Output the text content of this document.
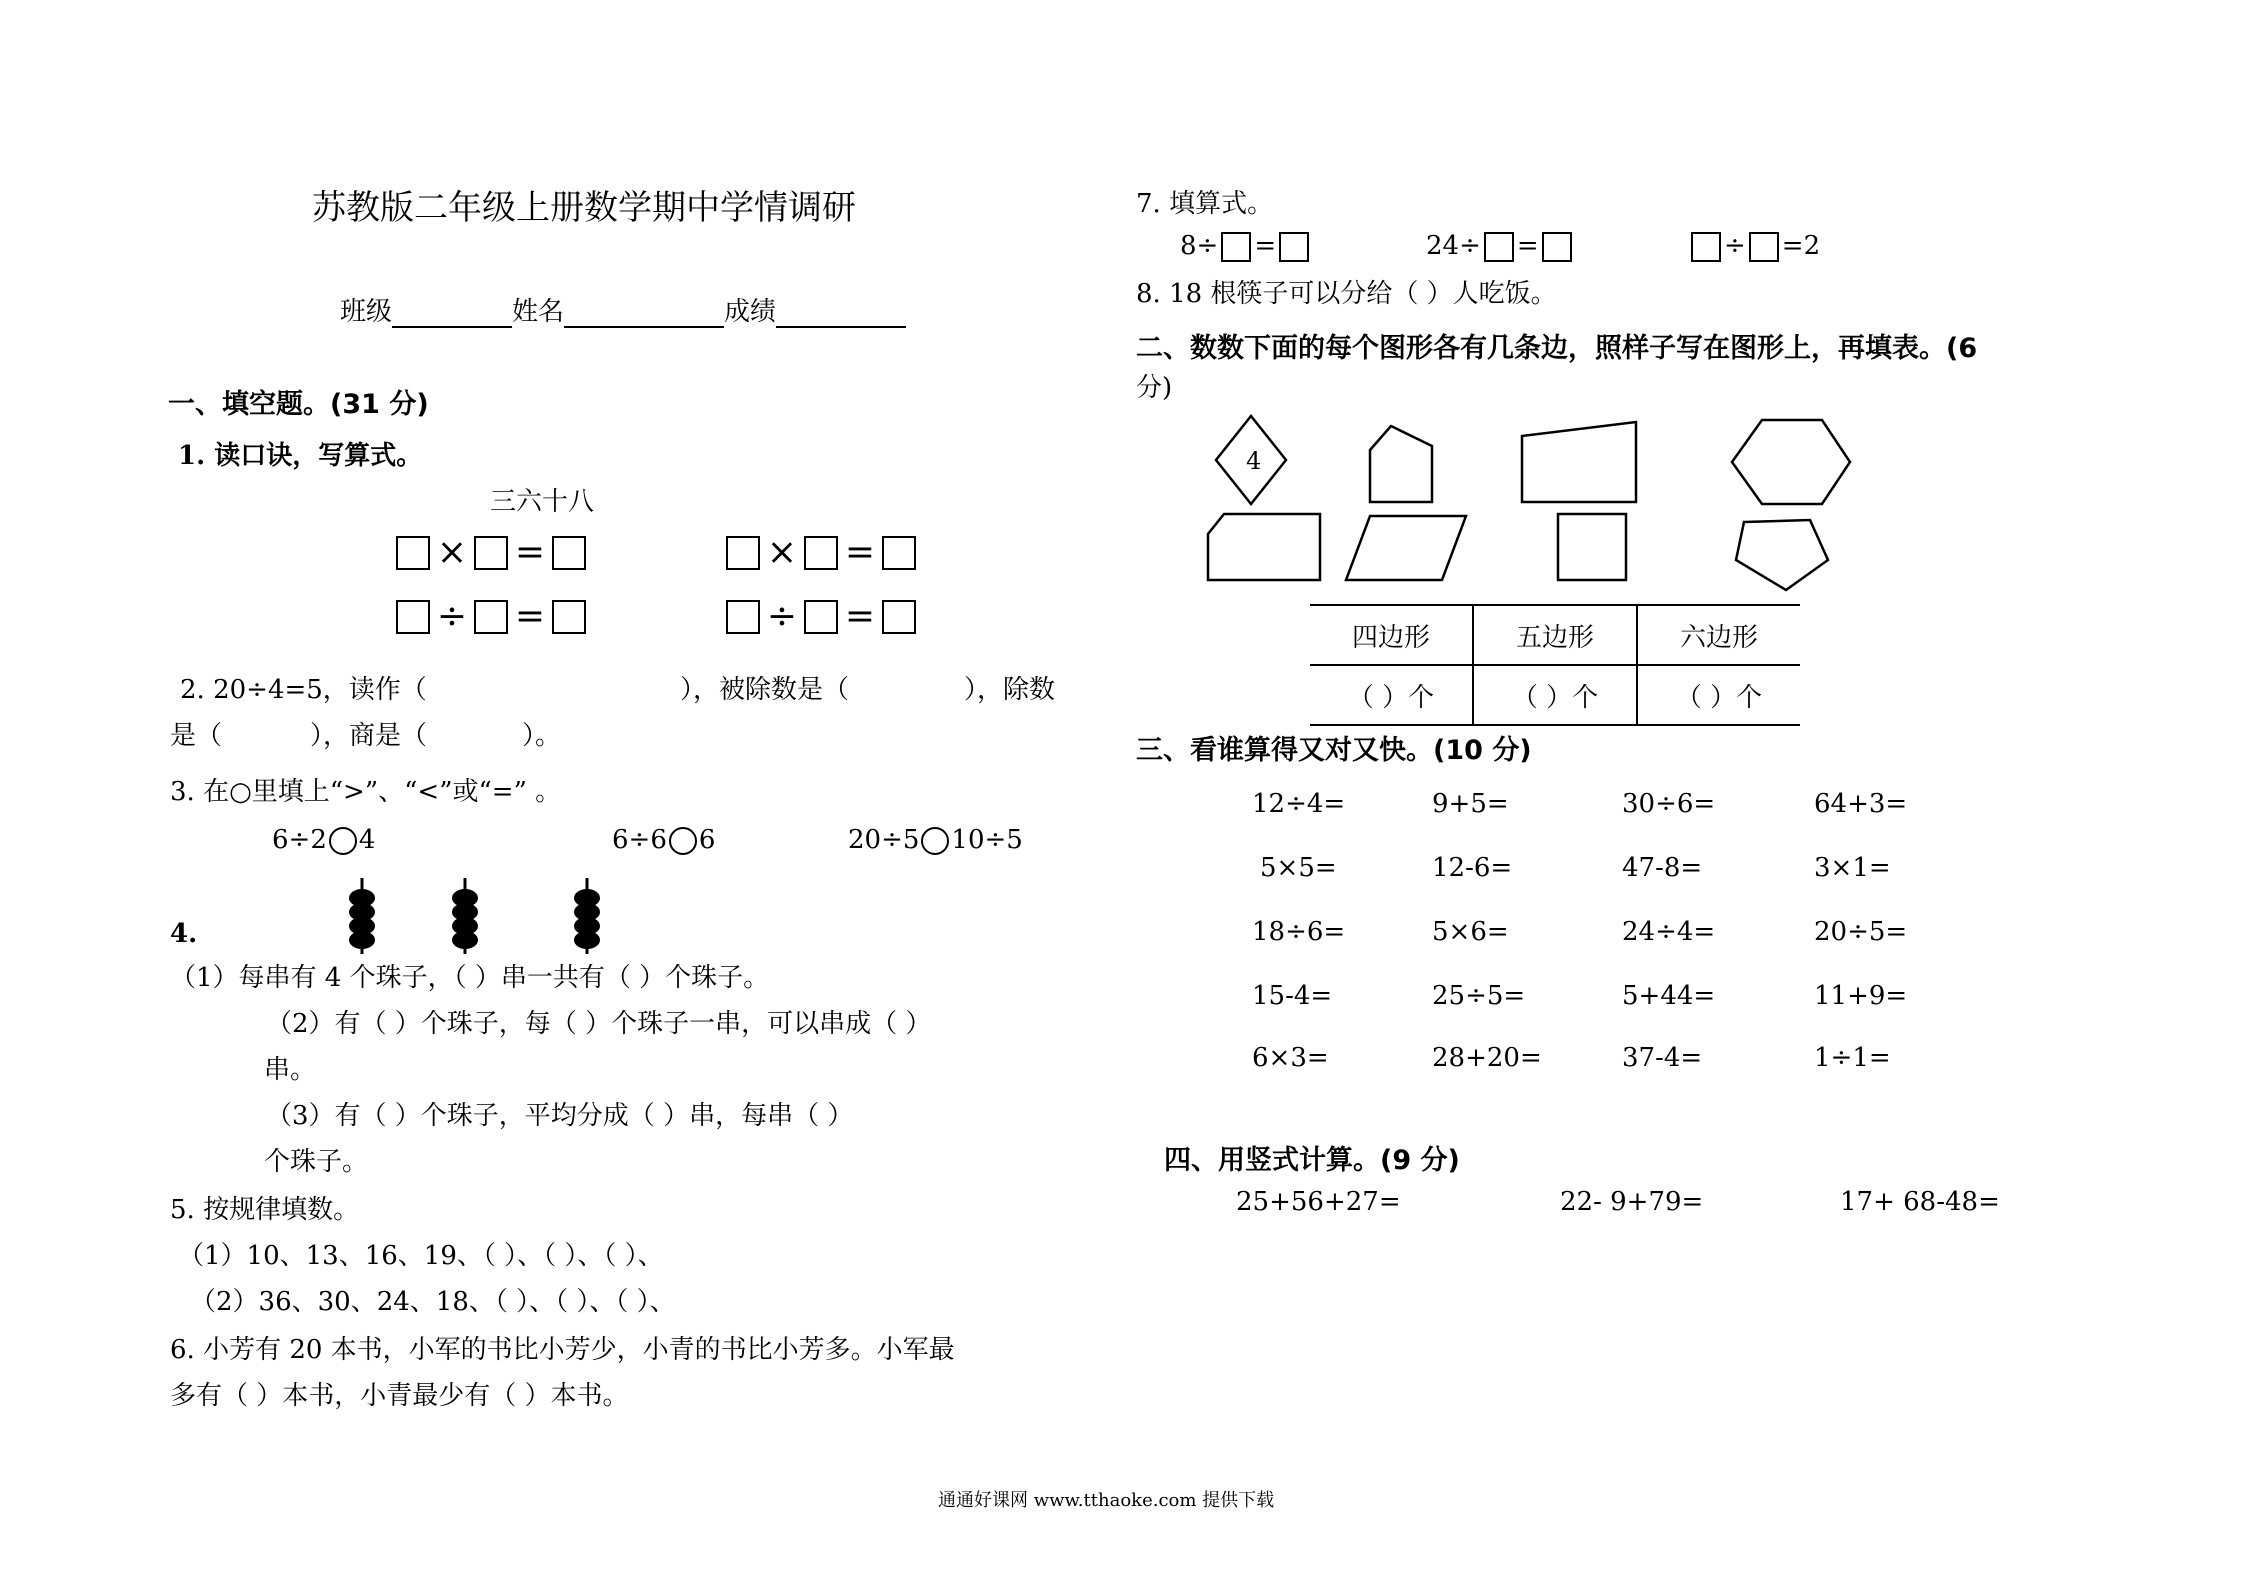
苏教版二年级上册数学期中学情调研
班级	姓名	成绩
一、填空题。(31 分)
1. 读口诀，写算式。
三六十八
× =	× =
÷ =	÷ =
2. 20÷4=5，读作（	），被除数是（	），除数
是（	），商是（	）。
3. 在○里填上“>”、“<”或“=” 。
6÷2 4	6÷6 6	20÷5 10÷5
4.
（1）每串有 4 个珠子，（ ）串一共有（ ）个珠子。
（2）有（ ）个珠子，每（ ）个珠子一串，可以串成（ ）
串。
（3）有（ ）个珠子，平均分成（ ）串，每串（ ）
个珠子。
5. 按规律填数。
（1）10、13、16、19、（ ）、（ ）、（ ）、
（2）36、30、24、18、（ ）、（ ）、（ ）、
6. 小芳有 20 本书，小军的书比小芳少，小青的书比小芳多。小军最
多有（ ）本书，小青最少有（ ）本书。
7. 填算式。
8÷ =	24÷ =	÷ =2
8. 18 根筷子可以分给（ ）人吃饭。
二、数数下面的每个图形各有几条边，照样子写在图形上，再填表。(6
分)
4
四边形	五边形	六边形
（ ）个	（ ）个	（ ）个
三、看谁算得又对又快。(10 分)
12÷4=	9+5=	30÷6=	64+3=
5×5=	12-6=	47-8=	3×1=
18÷6=	5×6=	24÷4=	20÷5=
15-4=	25÷5=	5+44=	11+9=
6×3=	28+20=	37-4=	1÷1=
四、用竖式计算。(9 分)
25+56+27=	22- 9+79=	17+ 68-48=
通通好课网 www.tthaoke.com 提供下载
